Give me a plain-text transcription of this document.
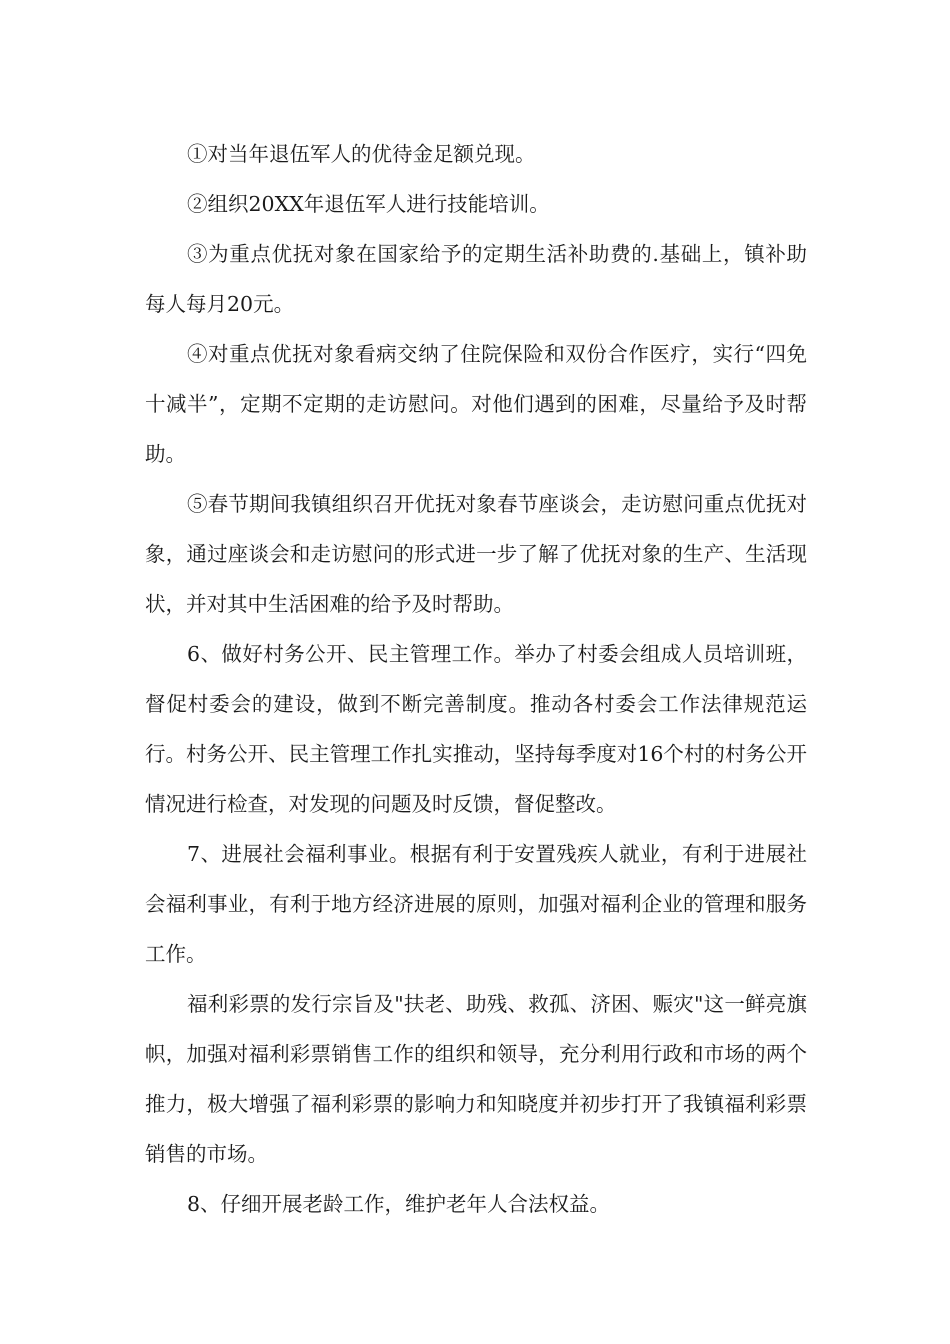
①对当年退伍军人的优待金足额兑现。

②组织20XX年退伍军人进行技能培训。

③为重点优抚对象在国家给予的定期生活补助费的.基础上，镇补助每人每月20元。

④对重点优抚对象看病交纳了住院保险和双份合作医疗，实行“四免十减半”，定期不定期的走访慰问。对他们遇到的困难，尽量给予及时帮助。

⑤春节期间我镇组织召开优抚对象春节座谈会，走访慰问重点优抚对象，通过座谈会和走访慰问的形式进一步了解了优抚对象的生产、生活现状，并对其中生活困难的给予及时帮助。

6、做好村务公开、民主管理工作。举办了村委会组成人员培训班，督促村委会的建设，做到不断完善制度。推动各村委会工作法律规范运行。村务公开、民主管理工作扎实推动，坚持每季度对16个村的村务公开情况进行检查，对发现的问题及时反馈，督促整改。

7、进展社会福利事业。根据有利于安置残疾人就业，有利于进展社会福利事业，有利于地方经济进展的原则，加强对福利企业的管理和服务工作。

福利彩票的发行宗旨及"扶老、助残、救孤、济困、赈灾"这一鲜亮旗帜，加强对福利彩票销售工作的组织和领导，充分利用行政和市场的两个推力，极大增强了福利彩票的影响力和知晓度并初步打开了我镇福利彩票销售的市场。

8、仔细开展老龄工作，维护老年人合法权益。
